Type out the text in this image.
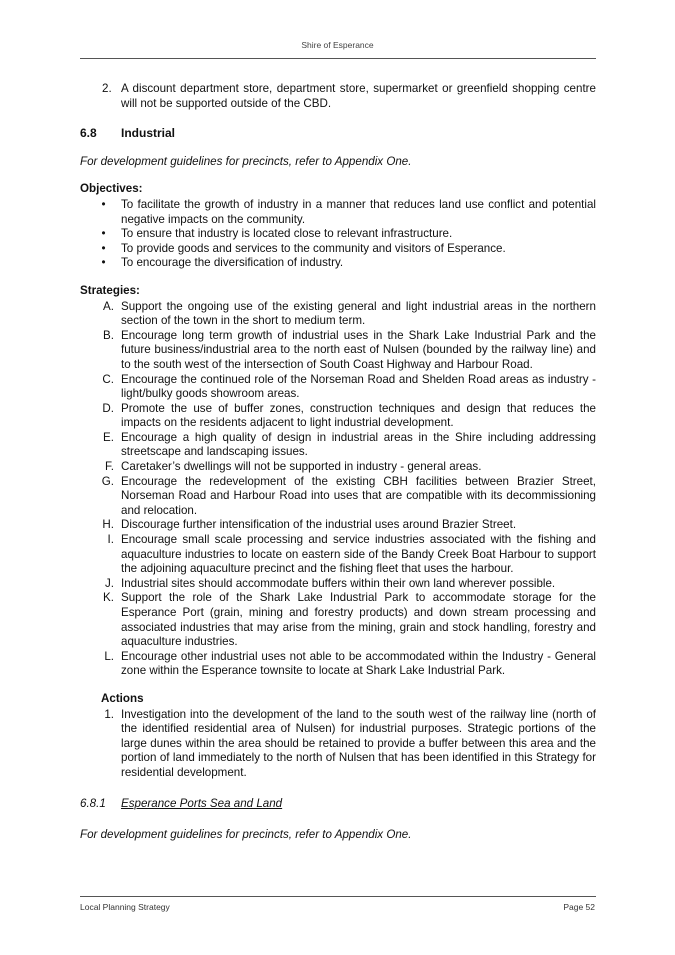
Shire of Esperance
2. A discount department store, department store, supermarket or greenfield shopping centre will not be supported outside of the CBD.
6.8	Industrial
For development guidelines for precincts, refer to Appendix One.
Objectives:
•	To facilitate the growth of industry in a manner that reduces land use conflict and potential negative impacts on the community.
•	To ensure that industry is located close to relevant infrastructure.
•	To provide goods and services to the community and visitors of Esperance.
•	To encourage the diversification of industry.
Strategies:
A. Support the ongoing use of the existing general and light industrial areas in the northern section of the town in the short to medium term.
B. Encourage long term growth of industrial uses in the Shark Lake Industrial Park and the future business/industrial area to the north east of Nulsen (bounded by the railway line) and to the south west of the intersection of South Coast Highway and Harbour Road.
C. Encourage the continued role of the Norseman Road and Shelden Road areas as industry - light/bulky goods showroom areas.
D. Promote the use of buffer zones, construction techniques and design that reduces the impacts on the residents adjacent to light industrial development.
E. Encourage a high quality of design in industrial areas in the Shire including addressing streetscape and landscaping issues.
F. Caretaker’s dwellings will not be supported in industry - general areas.
G. Encourage the redevelopment of the existing CBH facilities between Brazier Street, Norseman Road and Harbour Road into uses that are compatible with its decommissioning and relocation.
H. Discourage further intensification of the industrial uses around Brazier Street.
I. Encourage small scale processing and service industries associated with the fishing and aquaculture industries to locate on eastern side of the Bandy Creek Boat Harbour to support the adjoining aquaculture precinct and the fishing fleet that uses the harbour.
J. Industrial sites should accommodate buffers within their own land wherever possible.
K. Support the role of the Shark Lake Industrial Park to accommodate storage for the Esperance Port (grain, mining and forestry products) and down stream processing and associated industries that may arise from the mining, grain and stock handling, forestry and aquaculture industries.
L. Encourage other industrial uses not able to be accommodated within the Industry - General zone within the Esperance townsite to locate at Shark Lake Industrial Park.
Actions
1. Investigation into the development of the land to the south west of the railway line (north of the identified residential area of Nulsen) for industrial purposes. Strategic portions of the large dunes within the area should be retained to provide a buffer between this area and the portion of land immediately to the north of Nulsen that has been identified in this Strategy for residential development.
6.8.1	Esperance Ports Sea and Land
For development guidelines for precincts, refer to Appendix One.
Local Planning Strategy	Page 52
